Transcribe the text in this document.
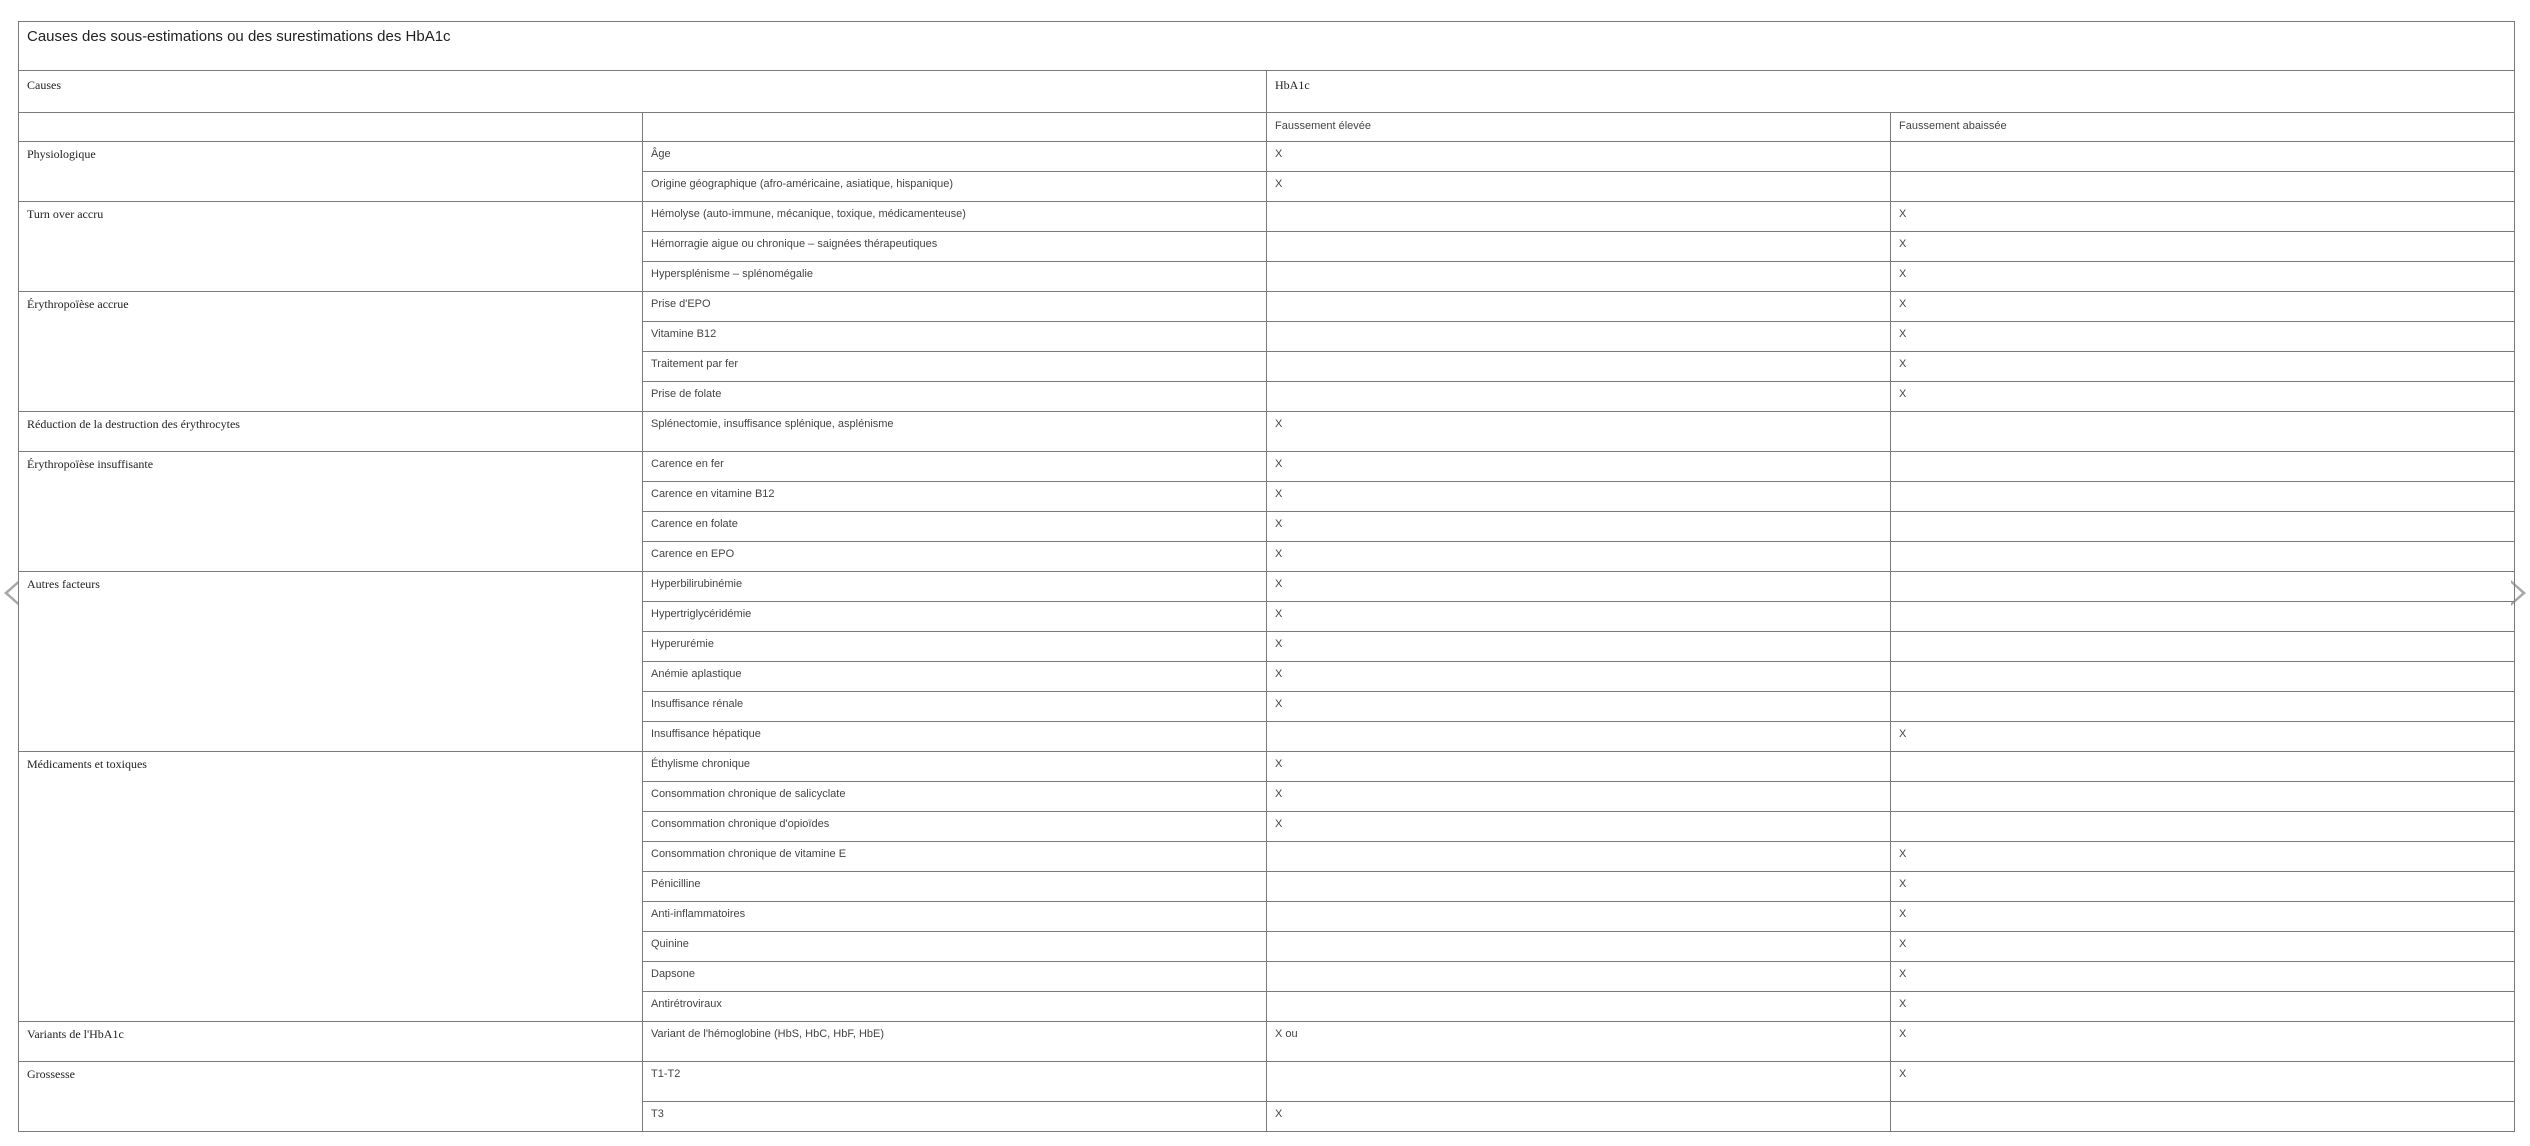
Causes des sous-estimations ou des surestimations des HbA1c			
Causes		HbA1c	
		Faussement élevée	Faussement abaissée
Physiologique	Âge	X	
	Origine géographique (afro-américaine, asiatique, hispanique)	X	
Turn over accru	Hémolyse (auto-immune, mécanique, toxique, médicamenteuse)		X
	Hémorragie aigue ou chronique – saignées thérapeutiques		X
	Hypersplénisme – splénomégalie		X
Érythropoïèse accrue	Prise d'EPO		X
	Vitamine B12		X
	Traitement par fer		X
	Prise de folate		X
Réduction de la destruction des érythrocytes	Splénectomie, insuffisance splénique, asplénisme	X	
Érythropoïèse insuffisante	Carence en fer	X	
	Carence en vitamine B12	X	
	Carence en folate	X	
	Carence en EPO	X	
Autres facteurs	Hyperbilirubinémie	X	
	Hypertriglycéridémie	X	
	Hyperurémie	X	
	Anémie aplastique	X	
	Insuffisance rénale	X	
	Insuffisance hépatique		X
Médicaments et toxiques	Éthylisme chronique	X	
	Consommation chronique de salicyclate	X	
	Consommation chronique d'opioïdes	X	
	Consommation chronique de vitamine E		X
	Pénicilline		X
	Anti-inflammatoires		X
	Quinine		X
	Dapsone		X
	Antirétroviraux		X
Variants de l'HbA1c	Variant de l'hémoglobine (HbS, HbC, HbF, HbE)	X ou	X
Grossesse	T1-T2		X
	T3	X	
